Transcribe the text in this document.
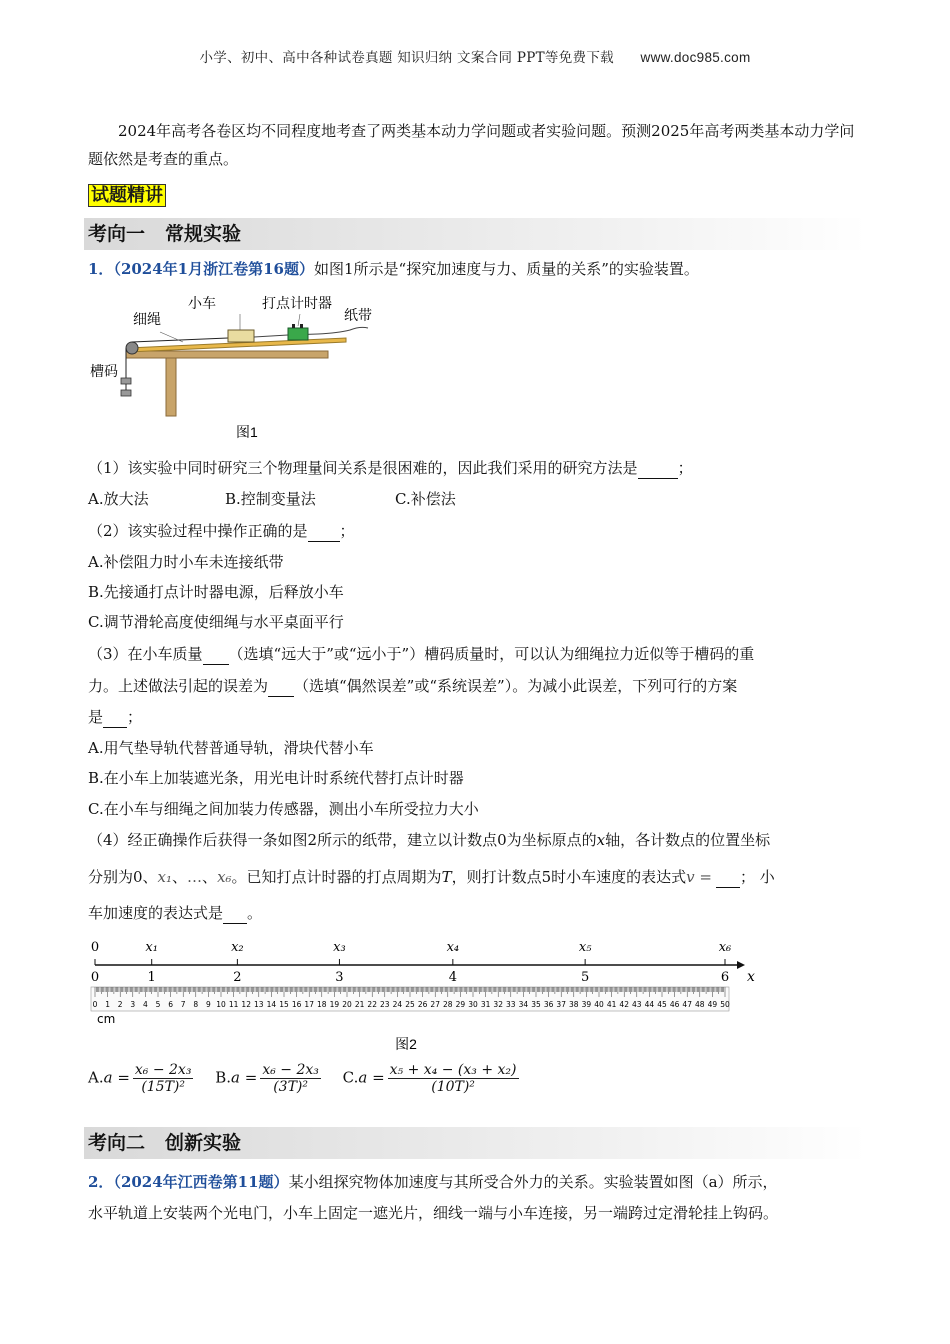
小学、初中、高中各种试卷真题 知识归纳 文案合同 PPT等免费下载 www.doc985.com
2024年高考各卷区均不同程度地考查了两类基本动力学问题或者实验问题。预测2025年高考两类基本动力学问题依然是考查的重点。
试题精讲
考向一 常规实验
1．（2024年1月浙江卷第16题）如图1所示是“探究加速度与力、质量的关系”的实验装置。
细绳
小车	打点计时器
纸带
槽码
图1
（1）该实验中同时研究三个物理量间关系是很困难的，因此我们采用的研究方法是	；
A.放大法	B.控制变量法	C.补偿法
（2）该实验过程中操作正确的是 ；
A.补偿阻力时小车未连接纸带
B.先接通打点计时器电源，后释放小车
C.调节滑轮高度使细绳与水平桌面平行
（3）在小车质量 （选填“远大于”或“远小于”）槽码质量时，可以认为细绳拉力近似等于槽码的重
力。上述做法引起的误差为 （选填“偶然误差”或“系统误差”）。为减小此误差，下列可行的方案
是 ；
A.用气垫导轨代替普通导轨，滑块代替小车
B.在小车上加装遮光条，用光电计时系统代替打点计时器
C.在小车与细绳之间加装力传感器，测出小车所受拉力大小
（4）经正确操作后获得一条如图2所示的纸带，建立以计数点0为坐标原点的x轴，各计数点的位置坐标
分别为0、x₁、…、x₆。已知打点计时器的打点周期为T，则打计数点5时小车速度的表达式v = ； 小
车加速度的表达式是 。
x
0
0
x₁
1
x₂
2
x₃
3
x₄
4
x₅
5
x₆
6
0 1 2 3 4 5 6 7 8 9 10 11 12 13 14 15 16 17 18 19 20 21 22 23 24 25 26 27 28 29 30 31 32 33 34 35 36 37 38 39 40 41 42 43 44 45 46 47 48 49 50
cm
图2
$A.a = \frac{\text{x₆ − 2x₃}}{\text{(15T)²}} B.a = \frac{\text{x₆ − 2x₃}}{\text{(3T)²}} C.a = \frac{\text{x₅ + x₄ − (x₃ + x₂)}}{\text{(10T)²}}$
考向二 创新实验
2．（2024年江西卷第11题）某小组探究物体加速度与其所受合外力的关系。实验装置如图（a）所示，
水平轨道上安装两个光电门，小车上固定一遮光片，细线一端与小车连接，另一端跨过定滑轮挂上钩码。
